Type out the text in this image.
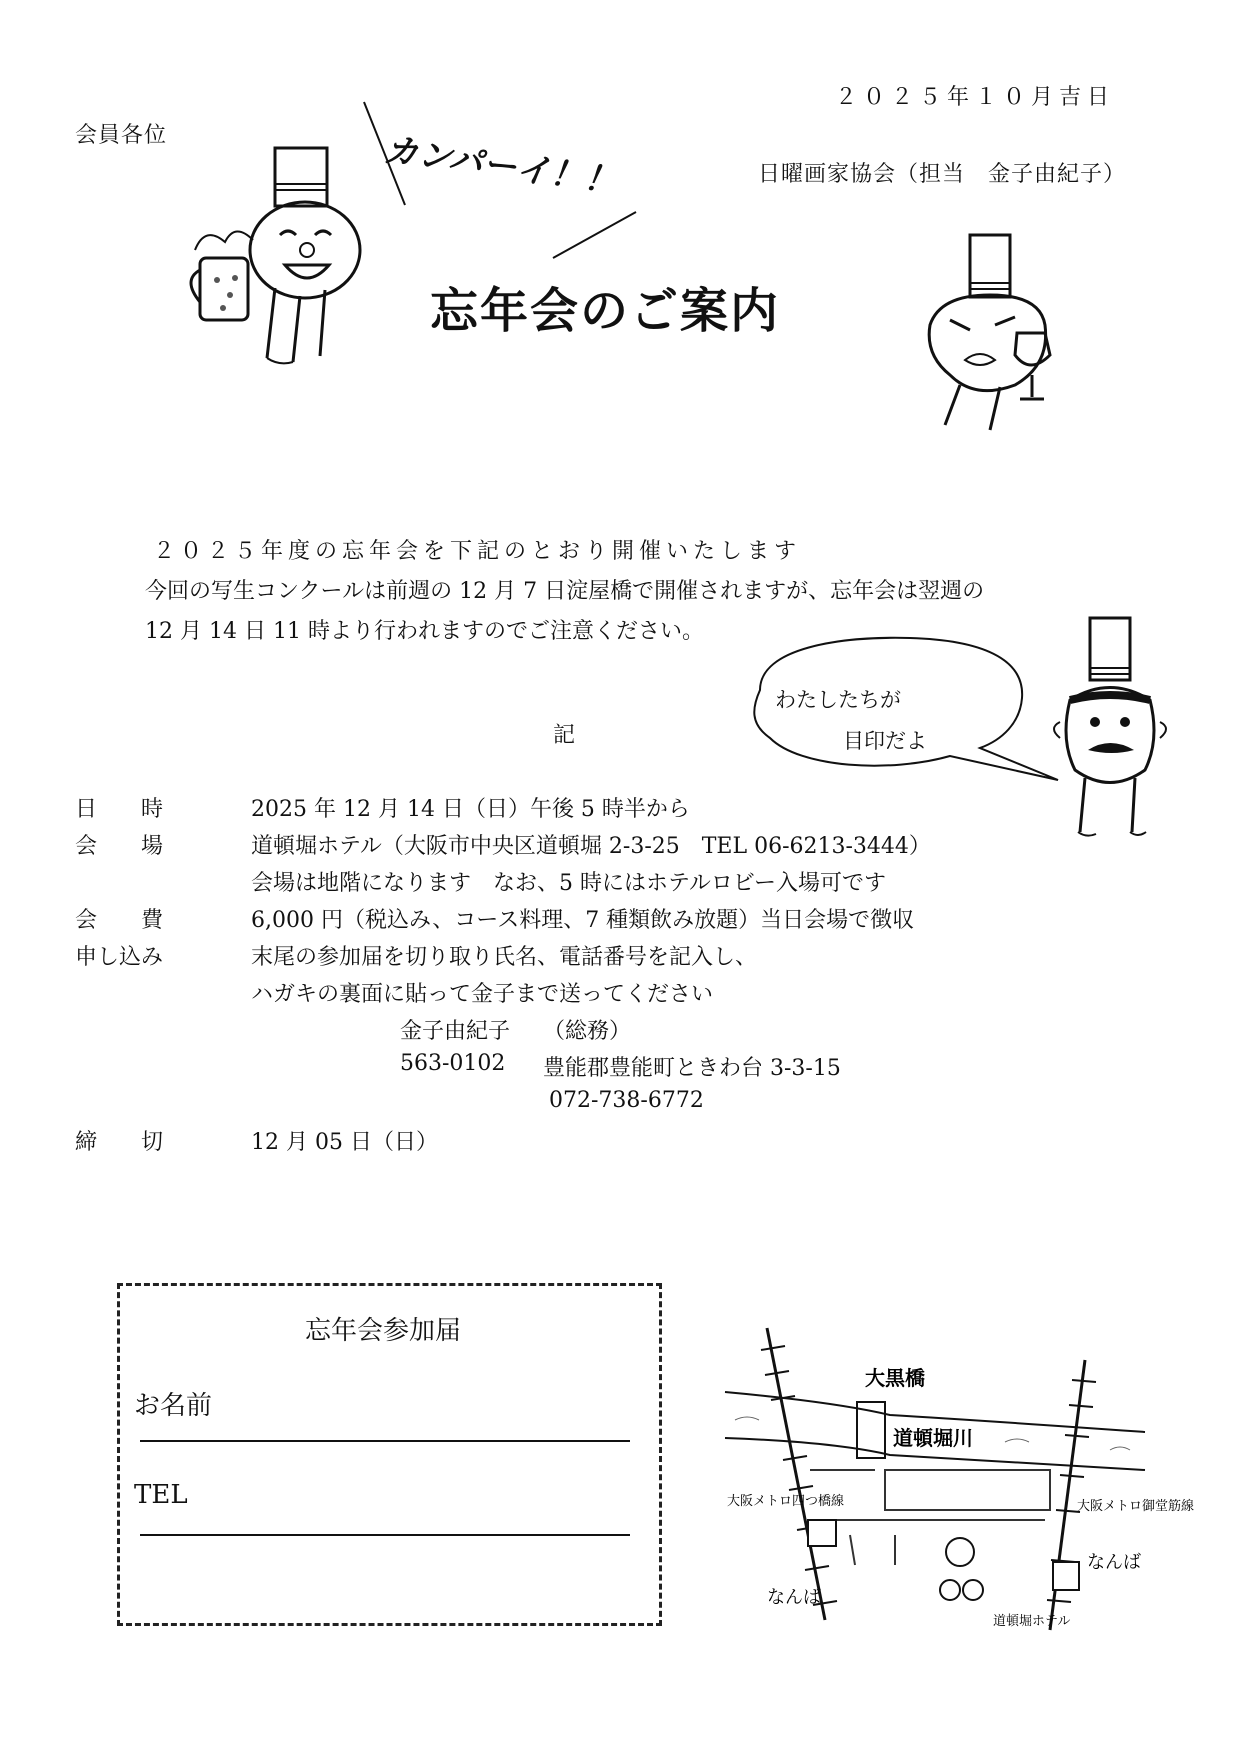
２０２５年１０月吉日
会員各位
日曜画家協会（担当　金子由紀子）
カンパーイ！！
忘年会のご案内
２０２５年度の忘年会を下記のとおり開催いたします
今回の写生コンクールは前週の 12 月 7 日淀屋橋で開催されますが、忘年会は翌週の
12 月 14 日 11 時より行われますのでご注意ください。
わたしたちが
目印だよ
記
日　　時	2025 年 12 月 14 日（日）午後 5 時半から
会　　場	道頓堀ホテル（大阪市中央区道頓堀 2-3-25　TEL 06-6213-3444）
会場は地階になります　なお、5 時にはホテルロビー入場可です
会　　費	6,000 円（税込み、コース料理、7 種類飲み放題）当日会場で徴収
申し込み	末尾の参加届を切り取り氏名、電話番号を記入し、
ハガキの裏面に貼って金子まで送ってください
金子由紀子　　（総務）
563-0102 豊能郡豊能町ときわ台 3-3-15
072-738-6772
締　　切	12 月 05 日（日）
忘年会参加届
お名前
TEL
大黒橋
道頓堀川
なんば
なんば
大阪メトロ四つ橋線	大阪メトロ御堂筋線
道頓堀ホテル
